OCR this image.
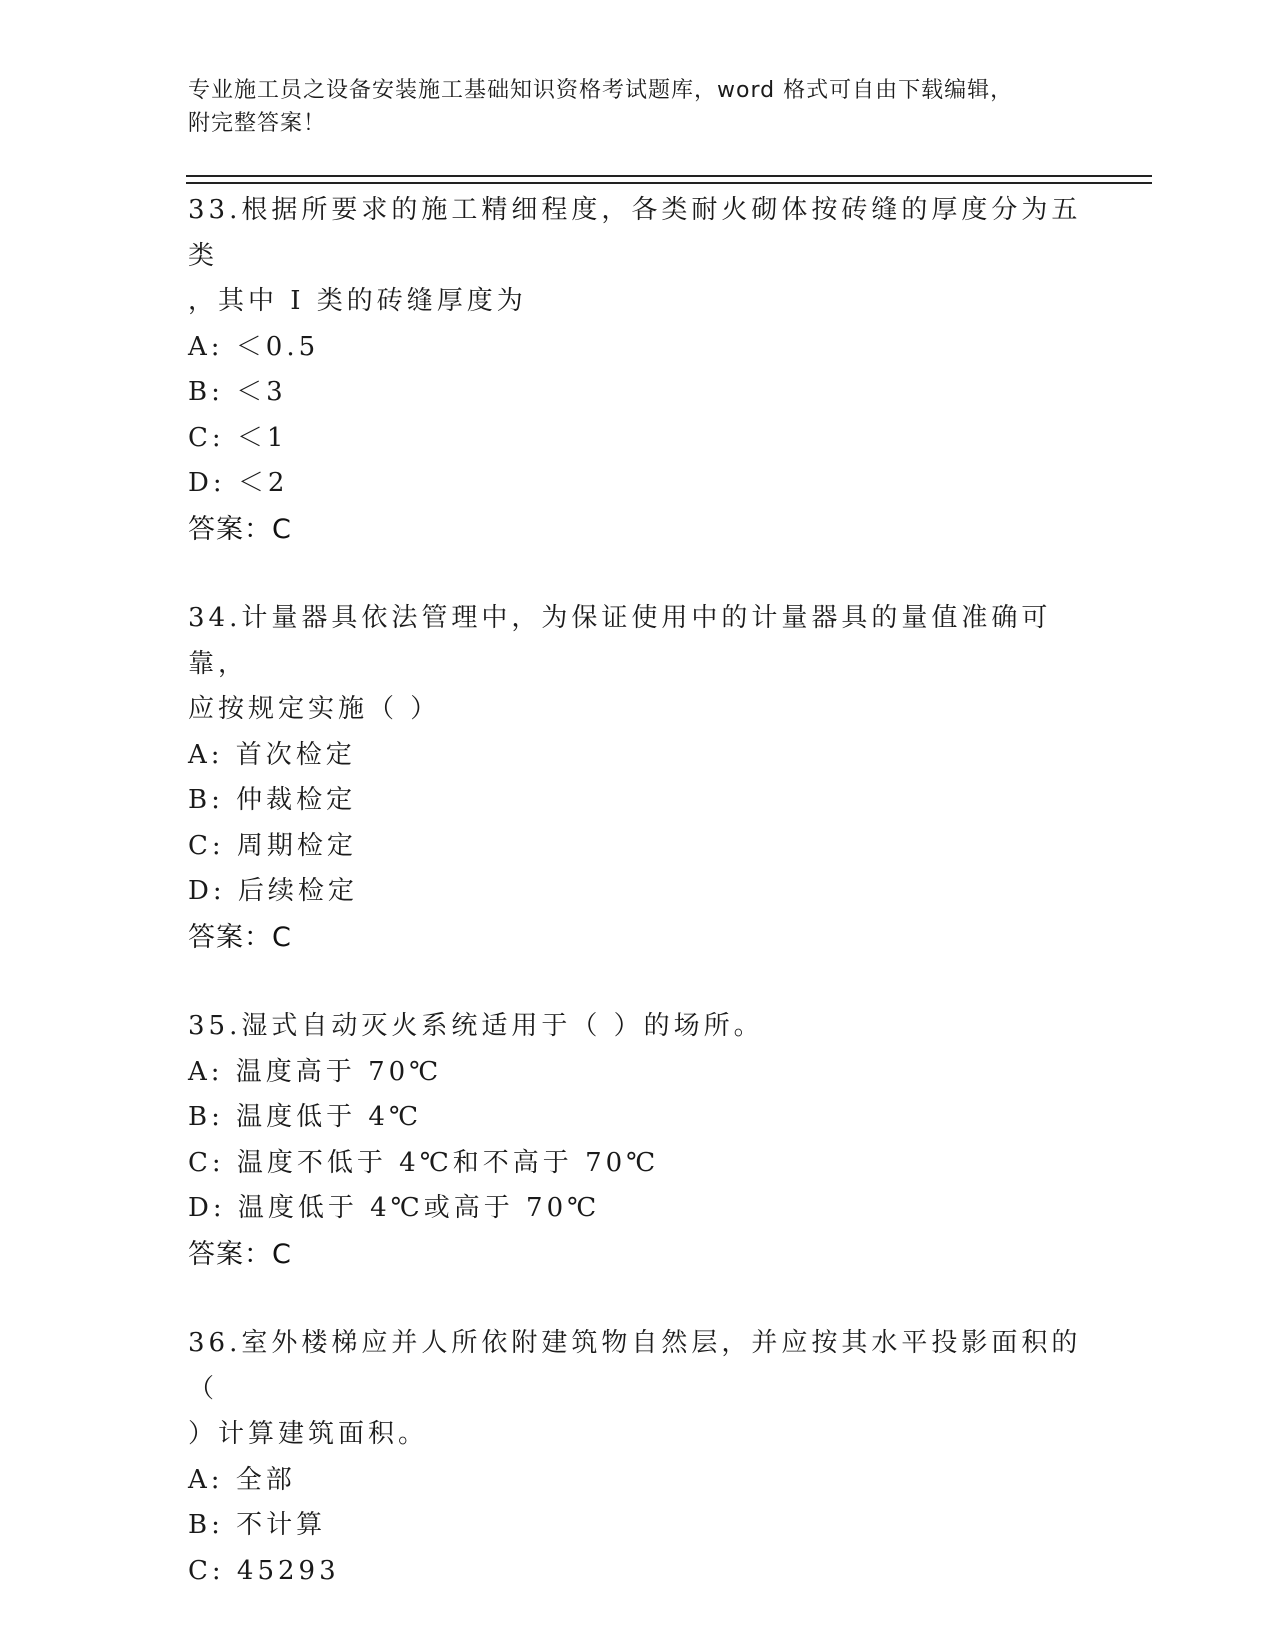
专业施工员之设备安装施工基础知识资格考试题库，word 格式可自由下载编辑，
附完整答案！
33.根据所要求的施工精细程度，各类耐火砌体按砖缝的厚度分为五类
，其中 I 类的砖缝厚度为
A: ＜0.5
B: ＜3
C: ＜1
D: ＜2
答案：C
34.计量器具依法管理中，为保证使用中的计量器具的量值准确可靠，
应按规定实施（ ）
A: 首次检定
B: 仲裁检定
C: 周期检定
D: 后续检定
答案：C
35.湿式自动灭火系统适用于（ ）的场所。
A: 温度高于 70℃
B: 温度低于 4℃
C: 温度不低于 4℃和不高于 70℃
D: 温度低于 4℃或高于 70℃
答案：C
36.室外楼梯应并人所依附建筑物自然层，并应按其水平投影面积的（
）计算建筑面积。
A: 全部
B: 不计算
C: 45293
